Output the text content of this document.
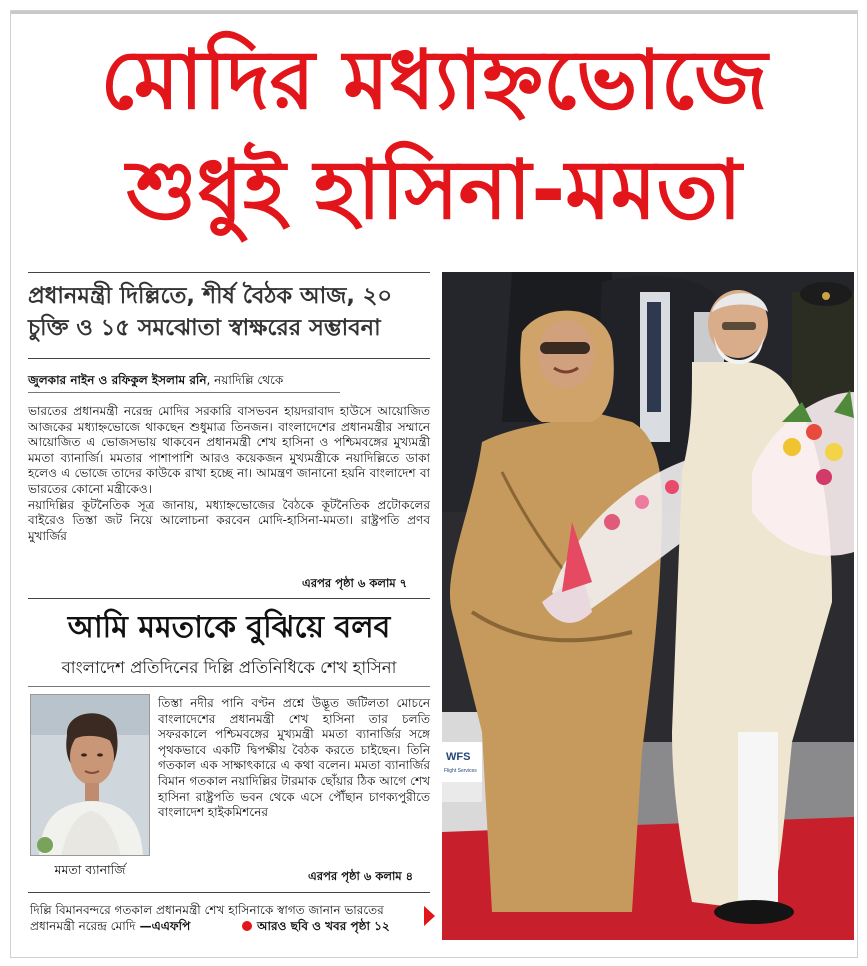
মোদির মধ্যাহ্নভোজে
শুধুই হাসিনা-মমতা
প্রধানমন্ত্রী দিল্লিতে, শীর্ষ বৈঠক আজ, ২০
চুক্তি ও ১৫ সমঝোতা স্বাক্ষরের সম্ভাবনা
জুলকার নাইন ও রফিকুল ইসলাম রনি, নয়াদিল্লি থেকে

ভারতের প্রধানমন্ত্রী নরেন্দ্র মোদির সরকারি বাসভবন হায়দরাবাদ হাউসে আয়োজিত আজকের মধ্যাহ্নভোজে থাকছেন শুধুমাত্র তিনজন। বাংলাদেশের প্রধানমন্ত্রীর সম্মানে আয়োজিত এ ভোজসভায় থাকবেন প্রধানমন্ত্রী শেখ হাসিনা ও পশ্চিমবঙ্গের মুখ্যমন্ত্রী মমতা ব্যানার্জি। মমতার পাশাপাশি আরও কয়েকজন মুখ্যমন্ত্রীকে নয়াদিল্লিতে ডাকা হলেও এ ভোজে তাদের কাউকে রাখা হচ্ছে না। আমন্ত্রণ জানানো হয়নি বাংলাদেশ বা ভারতের কোনো মন্ত্রীকেও।

নয়াদিল্লির কূটনৈতিক সূত্র জানায়, মধ্যাহ্নভোজের বৈঠকে কূটনৈতিক প্রটোকলের বাইরেও তিস্তা জট নিয়ে আলোচনা করবেন মোদি-হাসিনা-মমতা। রাষ্ট্রপতি প্রণব মুখার্জির

এরপর পৃষ্ঠা ৬ কলাম ৭
আমি মমতাকে বুঝিয়ে বলব
বাংলাদেশ প্রতিদিনের দিল্লি প্রতিনিধিকে শেখ হাসিনা
মমতা ব্যানার্জি
তিস্তা নদীর পানি বণ্টন প্রশ্নে উদ্ভূত জটিলতা মোচনে বাংলাদেশের প্রধানমন্ত্রী শেখ হাসিনা তার চলতি সফরকালে পশ্চিমবঙ্গের মুখ্যমন্ত্রী মমতা ব্যানার্জির সঙ্গে পৃথকভাবে একটি দ্বিপক্ষীয় বৈঠক করতে চাইছেন। তিনি গতকাল এক সাক্ষাৎকারে এ কথা বলেন। মমতা ব্যানার্জির বিমান গতকাল নয়াদিল্লির টারমাক ছোঁয়ার ঠিক আগে শেখ হাসিনা রাষ্ট্রপতি ভবন থেকে এসে পৌঁছান চাণক্যপুরীতে বাংলাদেশ হাইকমিশনের
এরপর পৃষ্ঠা ৬ কলাম ৪
দিল্লি বিমানবন্দরে গতকাল প্রধানমন্ত্রী শেখ হাসিনাকে স্বাগত জানান ভারতের প্রধানমন্ত্রী নরেন্দ্র মোদি —এএফপি	আরও ছবি ও খবর পৃষ্ঠা ১২
WFS
Flight Services
